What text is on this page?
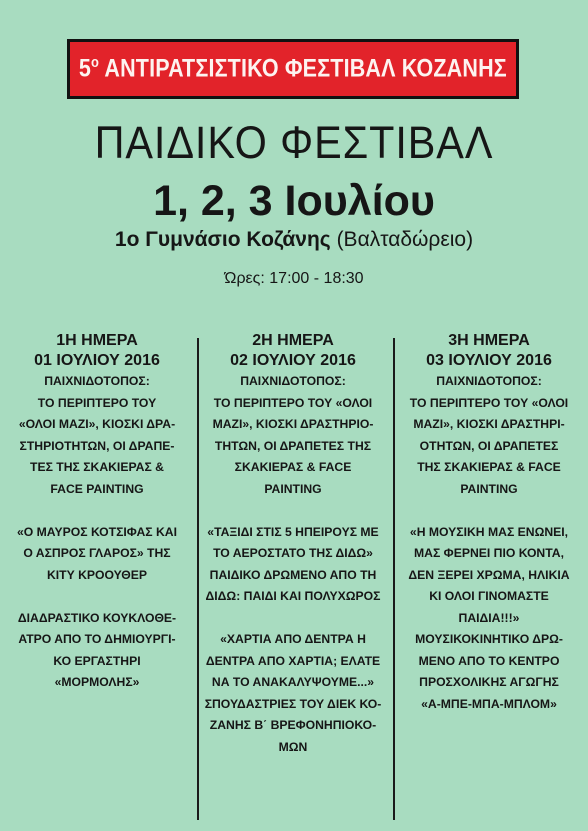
$5^o$ ΑΝΤΙΡΑΤΣΙΣΤΙΚΟ ΦΕΣΤΙΒΑΛ ΚΟΖΑΝΗΣ
ΠΑΙΔΙΚΟ ΦΕΣΤΙΒΑΛ
1, 2, 3 Ιουλίου
1ο Γυμνάσιο Κοζάνης (Βαλταδώρειο)
Ώρες: 17:00 - 18:30
1Η ΗΜΕΡΑ
01 ΙΟΥΛΙΟΥ 2016
ΠΑΙΧΝΙΔΟΤΟΠΟΣ:
ΤΟ ΠΕΡΙΠΤΕΡΟ ΤΟΥ
«ΟΛΟΙ ΜΑΖΙ», ΚΙΟΣΚΙ ΔΡΑ-
ΣΤΗΡΙΟΤΗΤΩΝ, ΟΙ ΔΡΑΠΕ-
ΤΕΣ ΤΗΣ ΣΚΑΚΙΕΡΑΣ &
FACE PAINTING
«Ο ΜΑΥΡΟΣ ΚΟΤΣΙΦΑΣ ΚΑΙ
Ο ΑΣΠΡΟΣ ΓΛΑΡΟΣ» ΤΗΣ
ΚΙΤΥ ΚΡΟΟΥΘΕΡ
ΔΙΑΔΡΑΣΤΙΚΟ ΚΟΥΚΛΟΘΕ-
ΑΤΡΟ ΑΠΟ ΤΟ ΔΗΜΙΟΥΡΓΙ-
ΚΟ ΕΡΓΑΣΤΗΡΙ
«ΜΟΡΜΟΛΗΣ»
2Η ΗΜΕΡΑ
02 ΙΟΥΛΙΟΥ 2016
ΠΑΙΧΝΙΔΟΤΟΠΟΣ:
ΤΟ ΠΕΡΙΠΤΕΡΟ ΤΟΥ «ΟΛΟΙ
ΜΑΖΙ», ΚΙΟΣΚΙ ΔΡΑΣΤΗΡΙΟ-
ΤΗΤΩΝ, ΟΙ ΔΡΑΠΕΤΕΣ ΤΗΣ
ΣΚΑΚΙΕΡΑΣ & FACE
PAINTING
«ΤΑΞΙΔΙ ΣΤΙΣ 5 ΗΠΕΙΡΟΥΣ ΜΕ
ΤΟ ΑΕΡΟΣΤΑΤΟ ΤΗΣ ΔΙΔΩ»
ΠΑΙΔΙΚΟ ΔΡΩΜΕΝΟ ΑΠΟ ΤΗ
ΔΙΔΩ: ΠΑΙΔΙ ΚΑΙ ΠΟΛΥΧΩΡΟΣ
«ΧΑΡΤΙΑ ΑΠΟ ΔΕΝΤΡΑ Η
ΔΕΝΤΡΑ ΑΠΟ ΧΑΡΤΙΑ; ΕΛΑΤΕ
ΝΑ ΤΟ ΑΝΑΚΑΛΥΨΟΥΜΕ...»
ΣΠΟΥΔΑΣΤΡΙΕΣ ΤΟΥ ΔΙΕΚ ΚΟ-
ΖΑΝΗΣ Β΄ ΒΡΕΦΟΝΗΠΙΟΚΟ-
ΜΩΝ
3Η ΗΜΕΡΑ
03 ΙΟΥΛΙΟΥ 2016
ΠΑΙΧΝΙΔΟΤΟΠΟΣ:
ΤΟ ΠΕΡΙΠΤΕΡΟ ΤΟΥ «ΟΛΟΙ
ΜΑΖΙ», ΚΙΟΣΚΙ ΔΡΑΣΤΗΡΙ-
ΟΤΗΤΩΝ, ΟΙ ΔΡΑΠΕΤΕΣ
ΤΗΣ ΣΚΑΚΙΕΡΑΣ & FACE
PAINTING
«Η ΜΟΥΣΙΚΗ ΜΑΣ ΕΝΩΝΕΙ,
ΜΑΣ ΦΕΡΝΕΙ ΠΙΟ ΚΟΝΤΑ,
ΔΕΝ ΞΕΡΕΙ ΧΡΩΜΑ, ΗΛΙΚΙΑ
ΚΙ ΟΛΟΙ ΓΙΝΟΜΑΣΤΕ
ΠΑΙΔΙΑ!!!»
ΜΟΥΣΙΚΟΚΙΝΗΤΙΚΟ ΔΡΩ-
ΜΕΝΟ ΑΠΟ ΤΟ ΚΕΝΤΡΟ
ΠΡΟΣΧΟΛΙΚΗΣ ΑΓΩΓΗΣ
«Α-ΜΠΕ-ΜΠΑ-ΜΠΛΟΜ»
